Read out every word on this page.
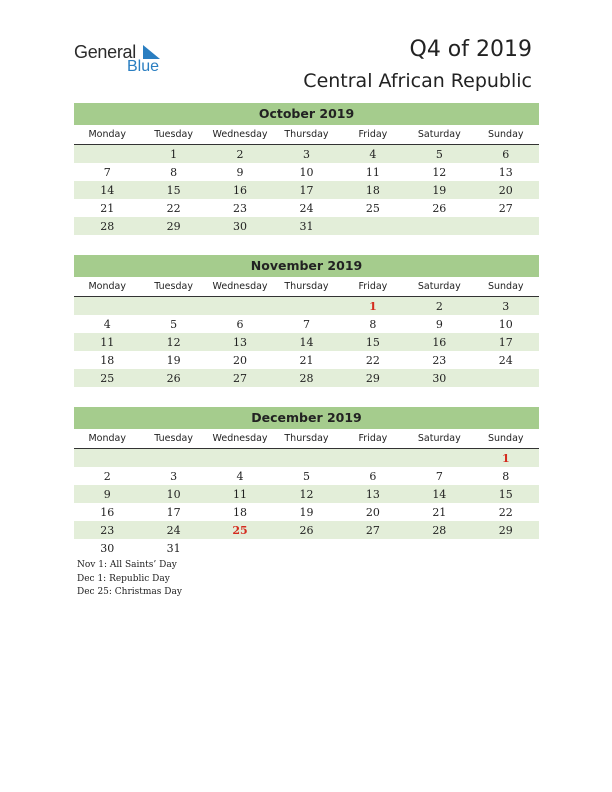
General
Blue
Q4 of 2019
Central African Republic
October 2019
Monday	Tuesday	Wednesday	Thursday	Friday	Saturday	Sunday
	1	2	3	4	5	6
7	8	9	10	11	12	13
14	15	16	17	18	19	20
21	22	23	24	25	26	27
28	29	30	31			
November 2019
Monday	Tuesday	Wednesday	Thursday	Friday	Saturday	Sunday
				1	2	3
4	5	6	7	8	9	10
11	12	13	14	15	16	17
18	19	20	21	22	23	24
25	26	27	28	29	30	
December 2019
Monday	Tuesday	Wednesday	Thursday	Friday	Saturday	Sunday
						1
2	3	4	5	6	7	8
9	10	11	12	13	14	15
16	17	18	19	20	21	22
23	24	25	26	27	28	29
30	31					
Nov 1: All Saints’ Day
Dec 1: Republic Day
Dec 25: Christmas Day
